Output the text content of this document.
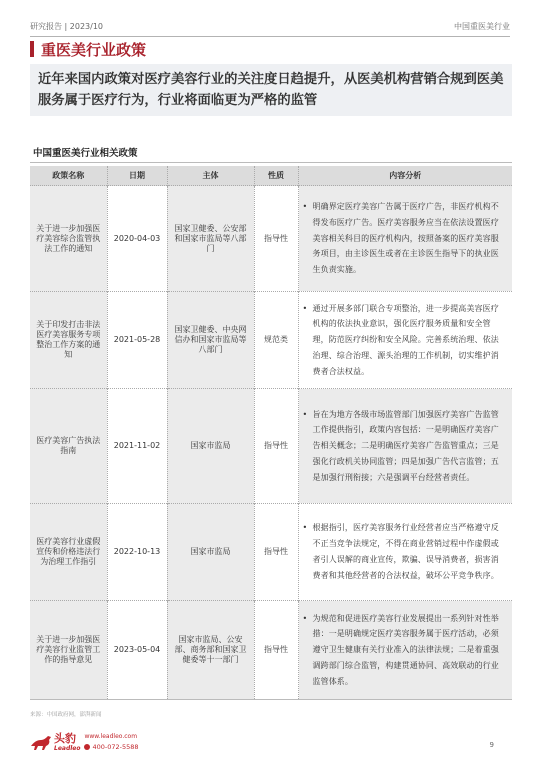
研究报告 | 2023/10	中国重医美行业
重医美行业政策
近年来国内政策对医疗美容行业的关注度日趋提升，从医美机构营销合规到医美服务属于医疗行为，行业将面临更为严格的监管
中国重医美行业相关政策
政策名称	日期	主体	性质	内容分析
关于进一步加强医疗美容综合监管执法工作的通知	2020-04-03	国家卫健委、公安部和国家市监局等八部门	指导性	• 明确界定医疗美容广告属于医疗广告，非医疗机构不得发布医疗广告。医疗美容服务应当在依法设置医疗美容相关科目的医疗机构内，按照备案的医疗美容服务项目，由主诊医生或者在主诊医生指导下的执业医生负责实施。

关于印发打击非法医疗美容服务专项整治工作方案的通知	2021-05-28	国家卫健委、中央网信办和国家市监局等八部门	规范类	• 通过开展多部门联合专项整治，进一步提高美容医疗机构的依法执业意识，强化医疗服务质量和安全管理，防范医疗纠纷和安全风险。完善系统治理、依法治理、综合治理、源头治理的工作机制，切实维护消费者合法权益。

医疗美容广告执法指南	2021-11-02	国家市监局	指导性	• 旨在为地方各级市场监管部门加强医疗美容广告监管工作提供指引，政策内容包括：一是明确医疗美容广告相关概念；二是明确医疗美容广告监管重点；三是强化行政机关协同监管；四是加强广告代言监管；五是加强行刑衔接；六是强调平台经营者责任。

医疗美容行业虚假宣传和价格违法行为治理工作指引	2022-10-13	国家市监局	指导性	• 根据指引，医疗美容服务行业经营者应当严格遵守反不正当竞争法规定，不得在商业营销过程中作虚假或者引人误解的商业宣传，欺骗、误导消费者，损害消费者和其他经营者的合法权益，破坏公平竞争秩序。

关于进一步加强医疗美容行业监管工作的指导意见	2023-05-04	国家市监局、公安部、商务部和国家卫健委等十一部门	指导性	• 为规范和促进医疗美容行业发展提出一系列针对性举措：一是明确规定医疗美容服务属于医疗活动，必须遵守卫生健康有关行业准入的法律法规；二是着重强调跨部门综合监管，构建贯通协同、高效联动的行业监管体系。
来源：中国政府网，澎湃新闻
头豹
Leadleo
www.leadleo.com
400-072-5588	9
